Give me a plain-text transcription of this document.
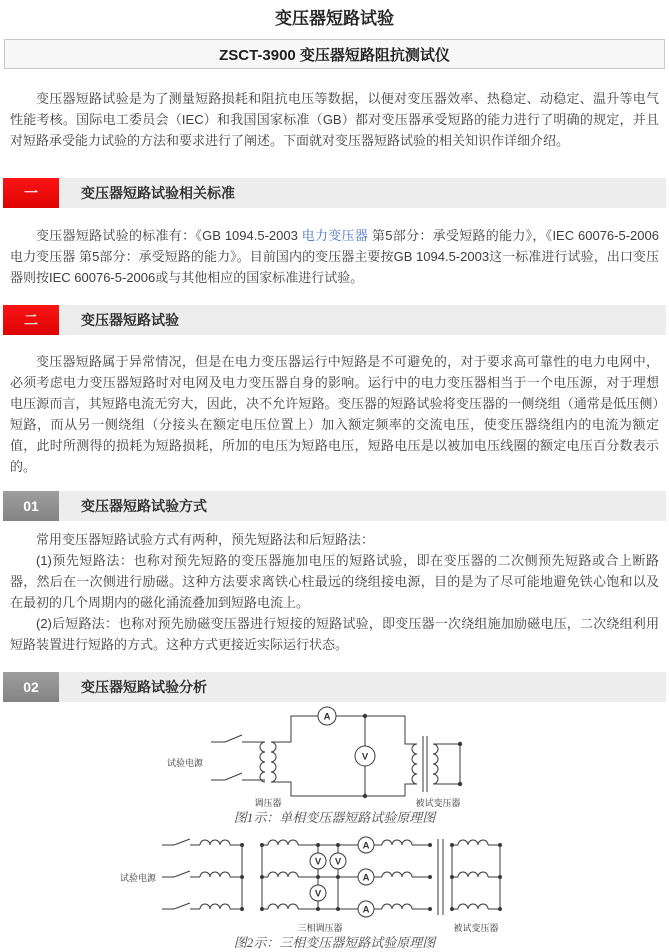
变压器短路试验
ZSCT-3900 变压器短路阻抗测试仪

变压器短路试验是为了测量短路损耗和阻抗电压等数据，以便对变压器效率、热稳定、动稳定、温升等电气性能考核。国际电工委员会（IEC）和我国国家标准（GB）都对变压器承受短路的能力进行了明确的规定，并且对短路承受能力试验的方法和要求进行了阐述。下面就对变压器短路试验的相关知识作详细介绍。

一	变压器短路试验相关标准

变压器短路试验的标准有：《GB 1094.5-2003 电力变压器 第5部分：承受短路的能力》，《IEC 60076-5-2006 电力变压器 第5部分：承受短路的能力》。目前国内的变压器主要按GB 1094.5-2003这一标准进行试验，出口变压器则按IEC 60076-5-2006或与其他相应的国家标准进行试验。

二	变压器短路试验

变压器短路属于异常情况，但是在电力变压器运行中短路是不可避免的，对于要求高可靠性的电力电网中，必须考虑电力变压器短路时对电网及电力变压器自身的影响。运行中的电力变压器相当于一个电压源，对于理想电压源而言，其短路电流无穷大，因此，决不允许短路。变压器的短路试验将变压器的一侧绕组（通常是低压侧）短路，而从另一侧绕组（分接头在额定电压位置上）加入额定频率的交流电压，使变压器绕组内的电流为额定值，此时所测得的损耗为短路损耗，所加的电压为短路电压，短路电压是以被加电压线圈的额定电压百分数表示的。

01	变压器短路试验方式

常用变压器短路试验方式有两种，预先短路法和后短路法：

(1)预先短路法：也称对预先短路的变压器施加电压的短路试验，即在变压器的二次侧预先短路或合上断路器，然后在一次侧进行励磁。这种方法要求离铁心柱最远的绕组接电源，目的是为了尽可能地避免铁心饱和以及在最初的几个周期内的磁化涌流叠加到短路电流上。

(2)后短路法：也称对预先励磁变压器进行短接的短路试验，即变压器一次绕组施加励磁电压，二次绕组利用短路装置进行短路的方式。这种方式更接近实际运行状态。

02	变压器短路试验分析
A
V
试验电源
调压器	被试变压器
图1示：单相变压器短路试验原理图
V V
V
A
A
A
试验电源
三相调压器	被试变压器
图2示：三相变压器短路试验原理图
